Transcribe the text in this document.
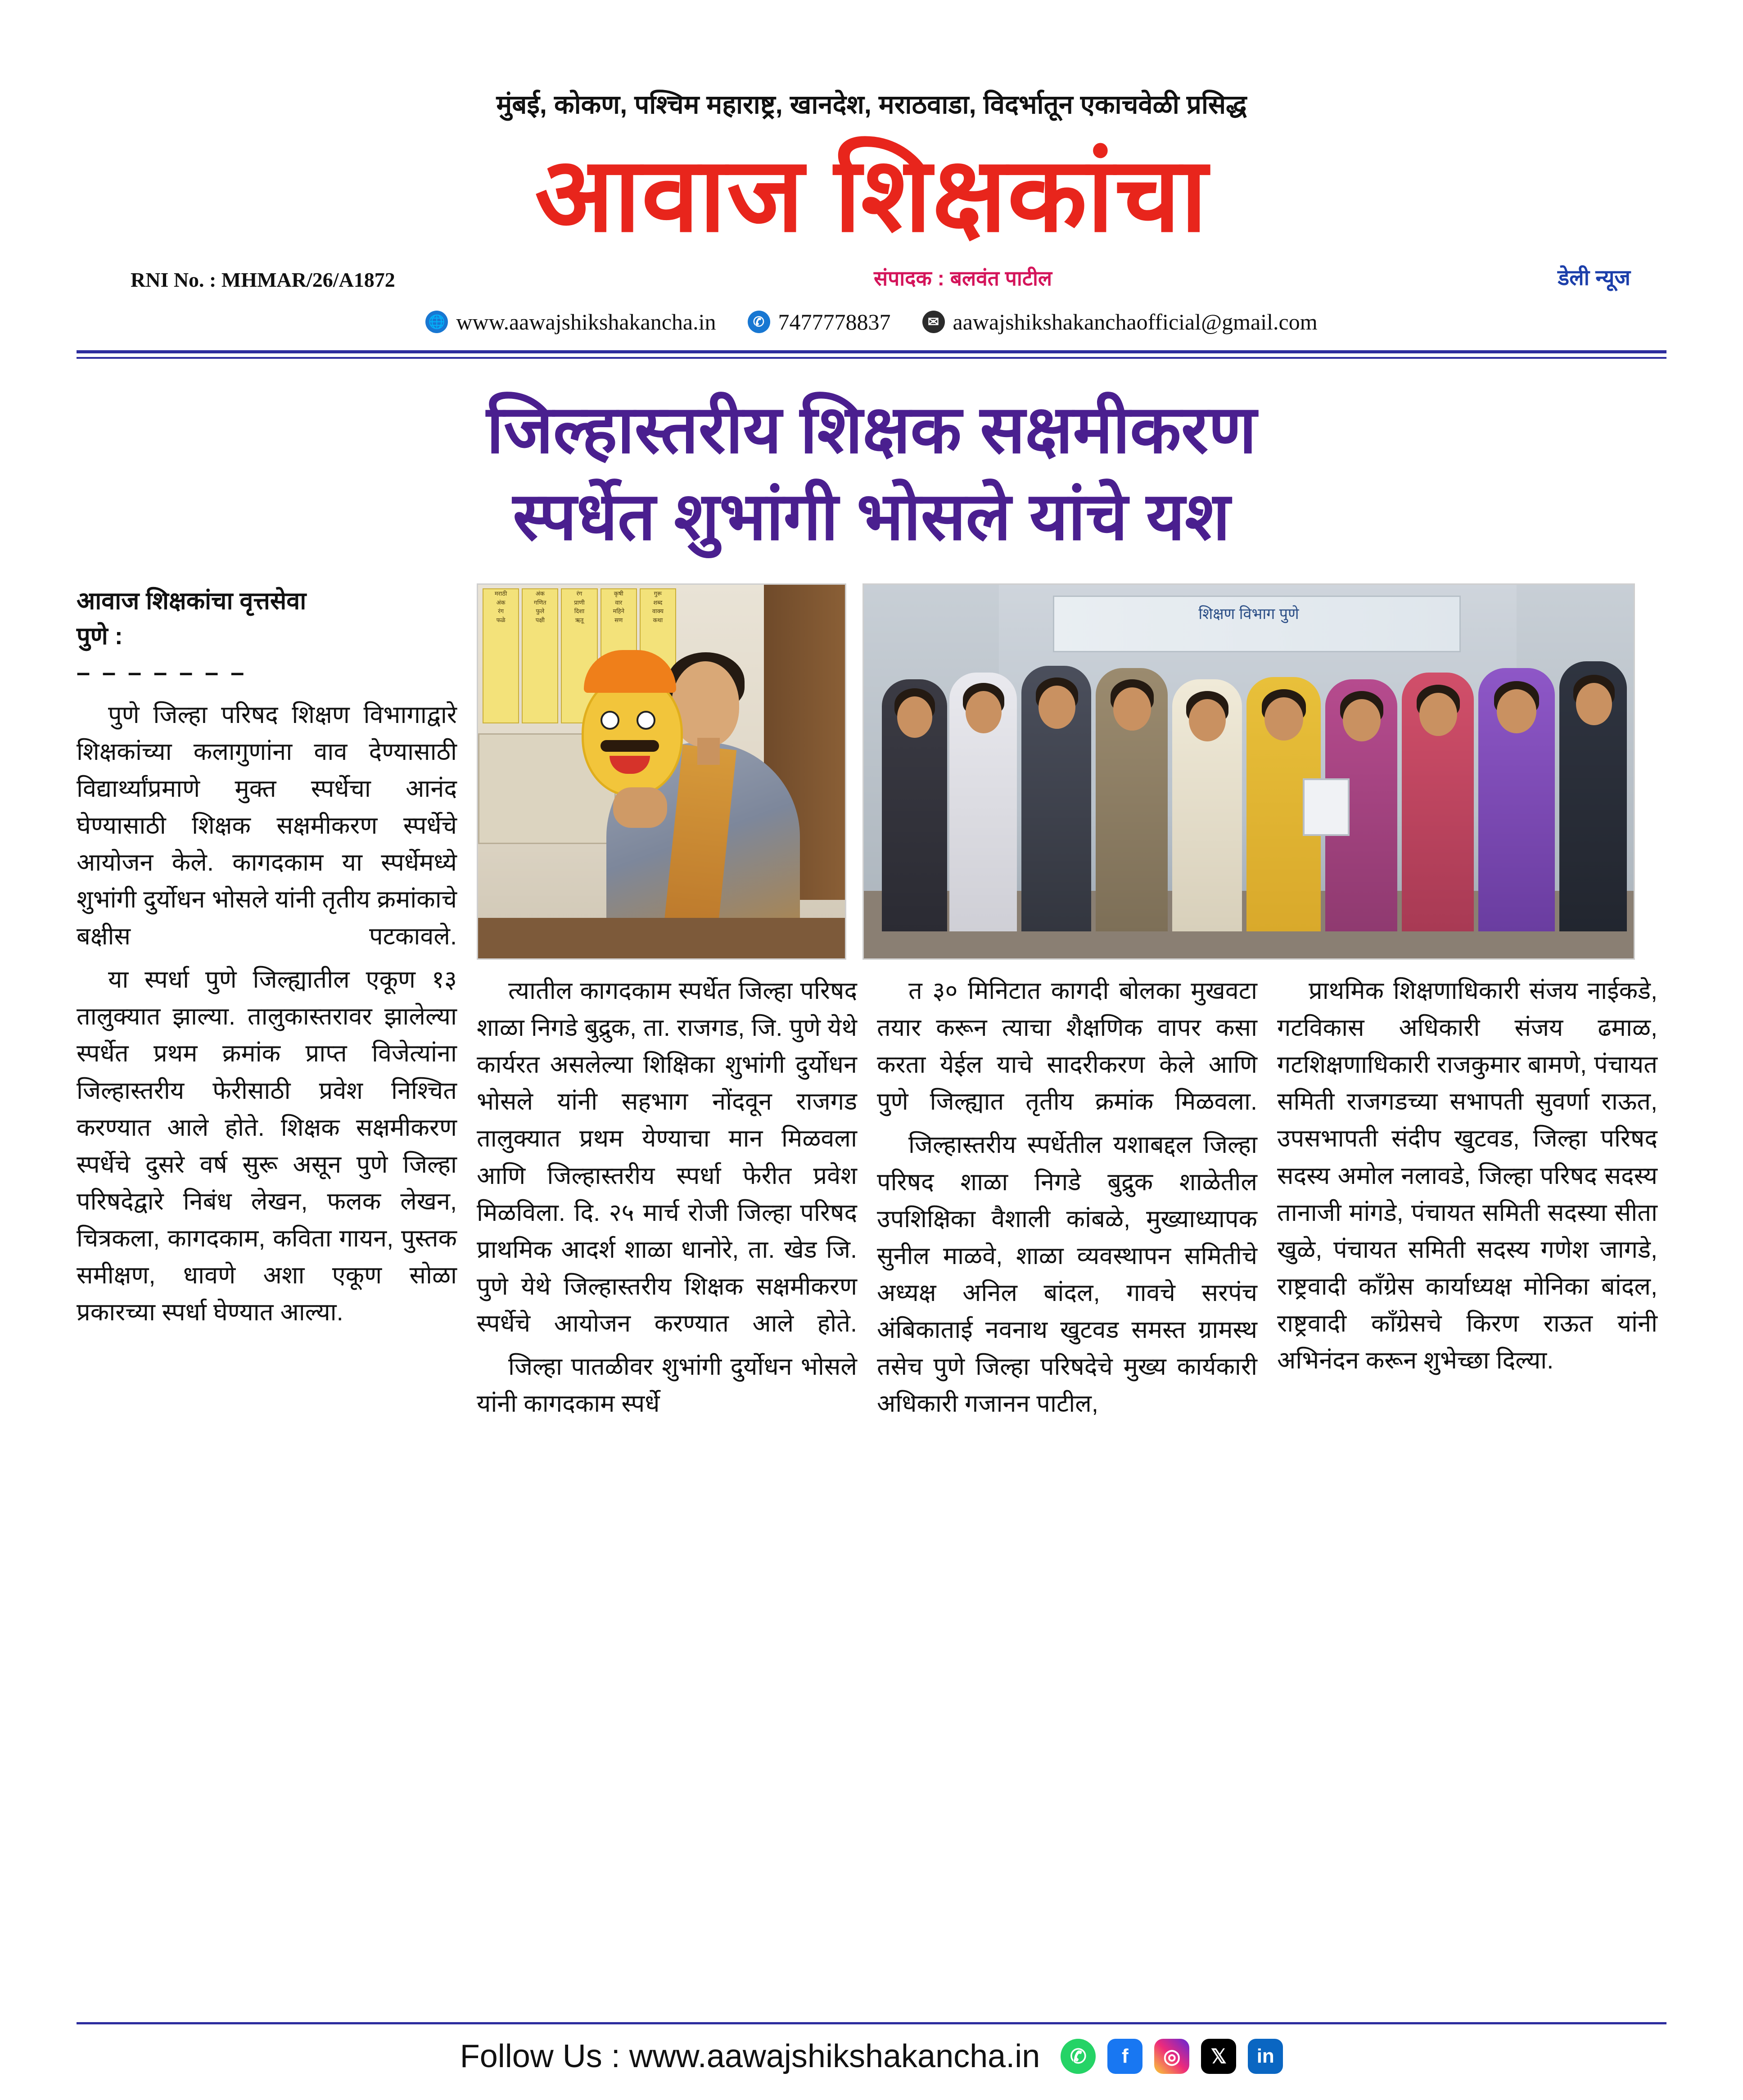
मुंबई, कोकण, पश्चिम महाराष्ट्र, खानदेश, मराठवाडा, विदर्भातून एकाचवेळी प्रसिद्ध
आवाज शिक्षकांचा
RNI No. : MHMAR/26/A1872	संपादक : बलवंत पाटील	डेली न्यूज
🌐 www.aawajshikshakancha.in	✆ 7477778837	✉ aawajshikshakanchaofficial@gmail.com
जिल्हास्तरीय शिक्षक सक्षमीकरण
स्पर्धेत शुभांगी भोसले यांचे यश
आवाज शिक्षकांचा वृत्तसेवा
पुणे :
– – – – – – –

पुणे जिल्हा परिषद शिक्षण विभागाद्वारे शिक्षकांच्या कलागुणांना वाव देण्यासाठी विद्यार्थ्यांप्रमाणे मुक्त स्पर्धेचा आनंद घेण्यासाठी शिक्षक सक्षमीकरण स्पर्धेचे आयोजन केले. कागदकाम या स्पर्धेमध्ये शुभांगी दुर्योधन भोसले यांनी तृतीय क्रमांकाचे बक्षीस पटकावले.

या स्पर्धा पुणे जिल्ह्यातील एकूण १३ तालुक्यात झाल्या. तालुकास्तरावर झालेल्या स्पर्धेत प्रथम क्रमांक प्राप्त विजेत्यांना जिल्हास्तरीय फेरीसाठी प्रवेश निश्चित करण्यात आले होते. शिक्षक सक्षमीकरण स्पर्धेचे दुसरे वर्ष सुरू असून पुणे जिल्हा परिषदेद्वारे निबंध लेखन, फलक लेखन, चित्रकला, कागदकाम, कविता गायन, पुस्तक समीक्षण, धावणे अशा एकूण सोळा प्रकारच्या स्पर्धा घेण्यात आल्या.

मराठी
अंक
रंग
फळे
अंक
गणित
फुले
पक्षी
रंग
प्राणी
दिशा
ऋतू
कृषी
वार
महिने
सण
गुरू
शब्द
वाक्य
कथा	शिक्षण विभाग पुणे

त्यातील कागदकाम स्पर्धेत जिल्हा परिषद शाळा निगडे बुद्रुक, ता. राजगड, जि. पुणे येथे कार्यरत असलेल्या शिक्षिका शुभांगी दुर्योधन भोसले यांनी सहभाग नोंदवून राजगड तालुक्यात प्रथम येण्याचा मान मिळवला आणि जिल्हास्तरीय स्पर्धा फेरीत प्रवेश मिळविला. दि. २५ मार्च रोजी जिल्हा परिषद प्राथमिक आदर्श शाळा धानोरे, ता. खेड जि. पुणे येथे जिल्हास्तरीय शिक्षक सक्षमीकरण स्पर्धेचे आयोजन करण्यात आले होते.

जिल्हा पातळीवर शुभांगी दुर्योधन भोसले यांनी कागदकाम स्पर्धे

त ३० मिनिटात कागदी बोलका मुखवटा तयार करून त्याचा शैक्षणिक वापर कसा करता येईल याचे सादरीकरण केले आणि पुणे जिल्ह्यात तृतीय क्रमांक मिळवला.

जिल्हास्तरीय स्पर्धेतील यशाबद्दल जिल्हा परिषद शाळा निगडे बुद्रुक शाळेतील उपशिक्षिका वैशाली कांबळे, मुख्याध्यापक सुनील माळवे, शाळा व्यवस्थापन समितीचे अध्यक्ष अनिल बांदल, गावचे सरपंच अंबिकाताई नवनाथ खुटवड समस्त ग्रामस्थ तसेच पुणे जिल्हा परिषदेचे मुख्य कार्यकारी अधिकारी गजानन पाटील,

प्राथमिक शिक्षणाधिकारी संजय नाईकडे, गटविकास अधिकारी संजय ढमाळ, गटशिक्षणाधिकारी राजकुमार बामणे, पंचायत समिती राजगडच्या सभापती सुवर्णा राऊत, उपसभापती संदीप खुटवड, जिल्हा परिषद सदस्य अमोल नलावडे, जिल्हा परिषद सदस्य तानाजी मांगडे, पंचायत समिती सदस्या सीता खुळे, पंचायत समिती सदस्य गणेश जागडे, राष्ट्रवादी काँग्रेस कार्याध्यक्ष मोनिका बांदल, राष्ट्रवादी काँग्रेसचे किरण राऊत यांनी अभिनंदन करून शुभेच्छा दिल्या.

Follow Us : www.aawajshikshakancha.in	✆	f	◎	𝕏	in
